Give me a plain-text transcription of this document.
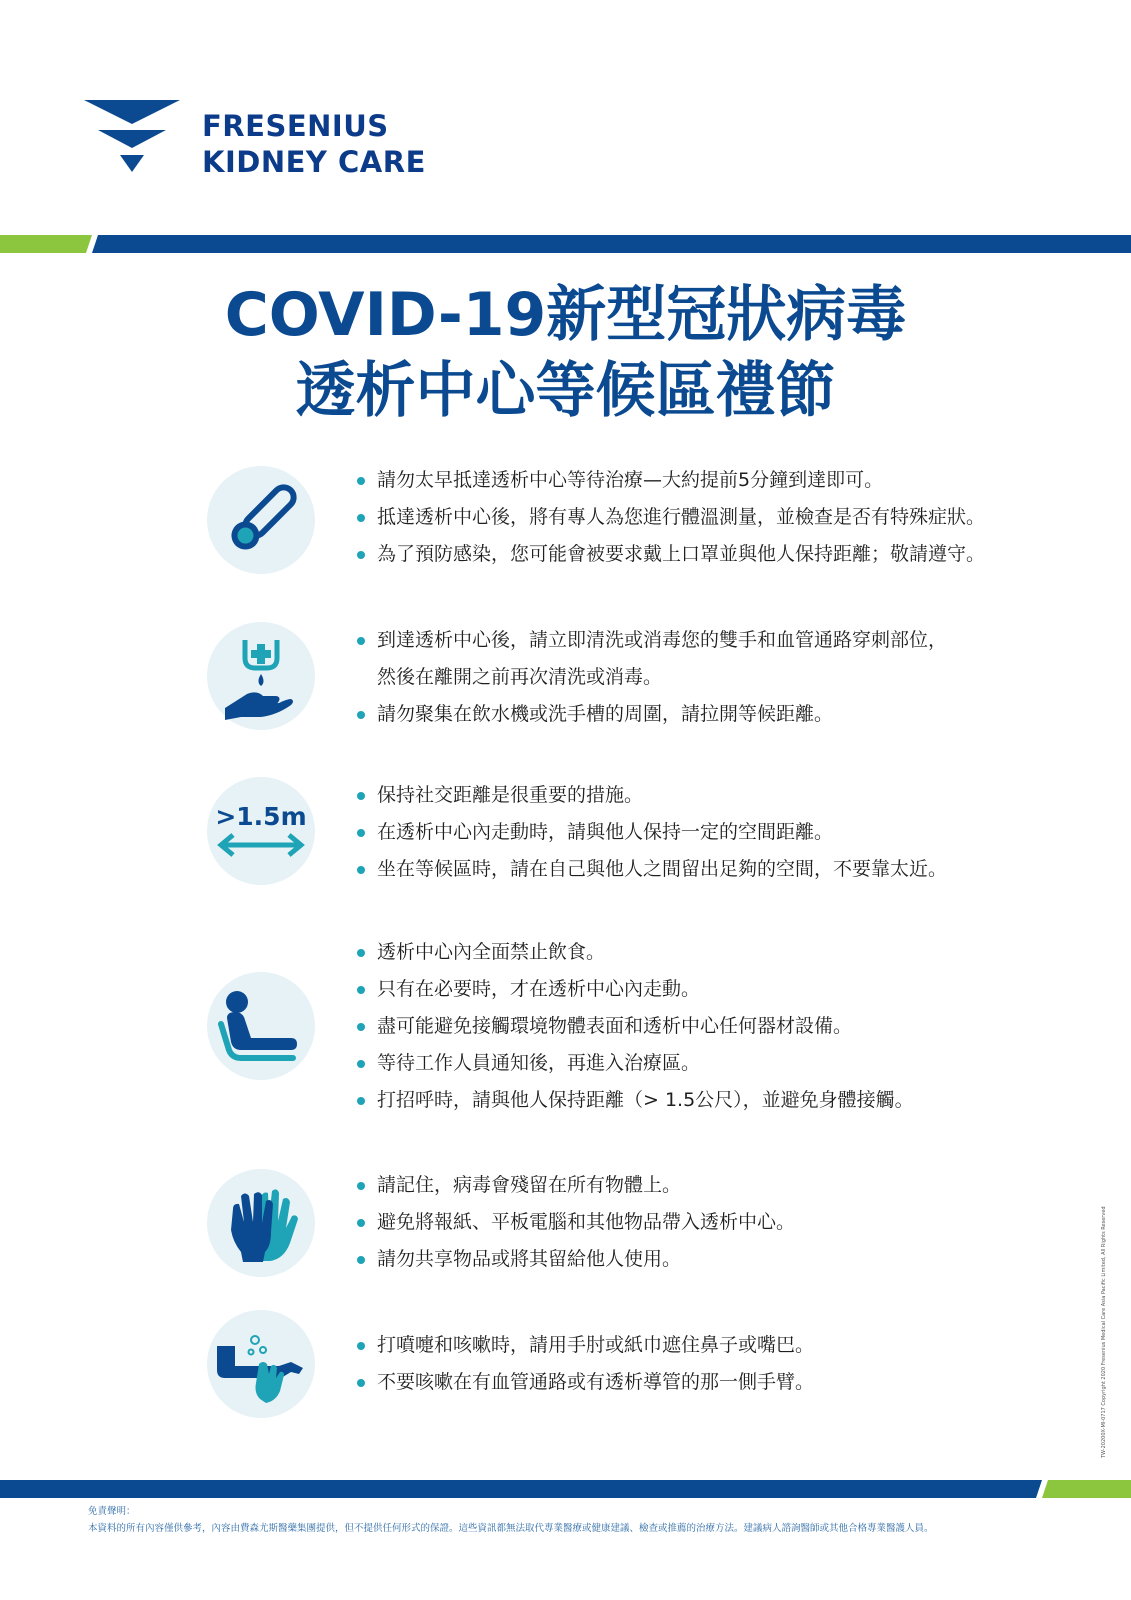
FRESENIUS
KIDNEY CARE
COVID-19新型冠狀病毒
透析中心等候區禮節
請勿太早抵達透析中心等待治療—大約提前5分鐘到達即可。
抵達透析中心後，將有專人為您進行體溫測量，並檢查是否有特殊症狀。
為了預防感染，您可能會被要求戴上口罩並與他人保持距離；敬請遵守。
到達透析中心後，請立即清洗或消毒您的雙手和血管通路穿刺部位，
然後在離開之前再次清洗或消毒。
請勿聚集在飲水機或洗手槽的周圍，請拉開等候距離。
>1.5m
保持社交距離是很重要的措施。
在透析中心內走動時，請與他人保持一定的空間距離。
坐在等候區時，請在自己與他人之間留出足夠的空間，不要靠太近。
透析中心內全面禁止飲食。
只有在必要時，才在透析中心內走動。
盡可能避免接觸環境物體表面和透析中心任何器材設備。
等待工作人員通知後，再進入治療區。
打招呼時，請與他人保持距離（> 1.5公尺），並避免身體接觸。
請記住，病毒會殘留在所有物體上。
避免將報紙、平板電腦和其他物品帶入透析中心。
請勿共享物品或將其留給他人使用。
打噴嚏和咳嗽時，請用手肘或紙巾遮住鼻子或嘴巴。
不要咳嗽在有血管通路或有透析導管的那一側手臂。	TW-20200X-MI-0717 Copyright 2020 Fresenius Medical Care Asia Pacific Limited, All Rights Reserved
免責聲明：
本資料的所有內容僅供參考，內容由費森尤斯醫藥集團提供，但不提供任何形式的保證。這些資訊都無法取代專業醫療或健康建議、檢查或推薦的治療方法。建議病人諮詢醫師或其他合格專業醫護人員。
